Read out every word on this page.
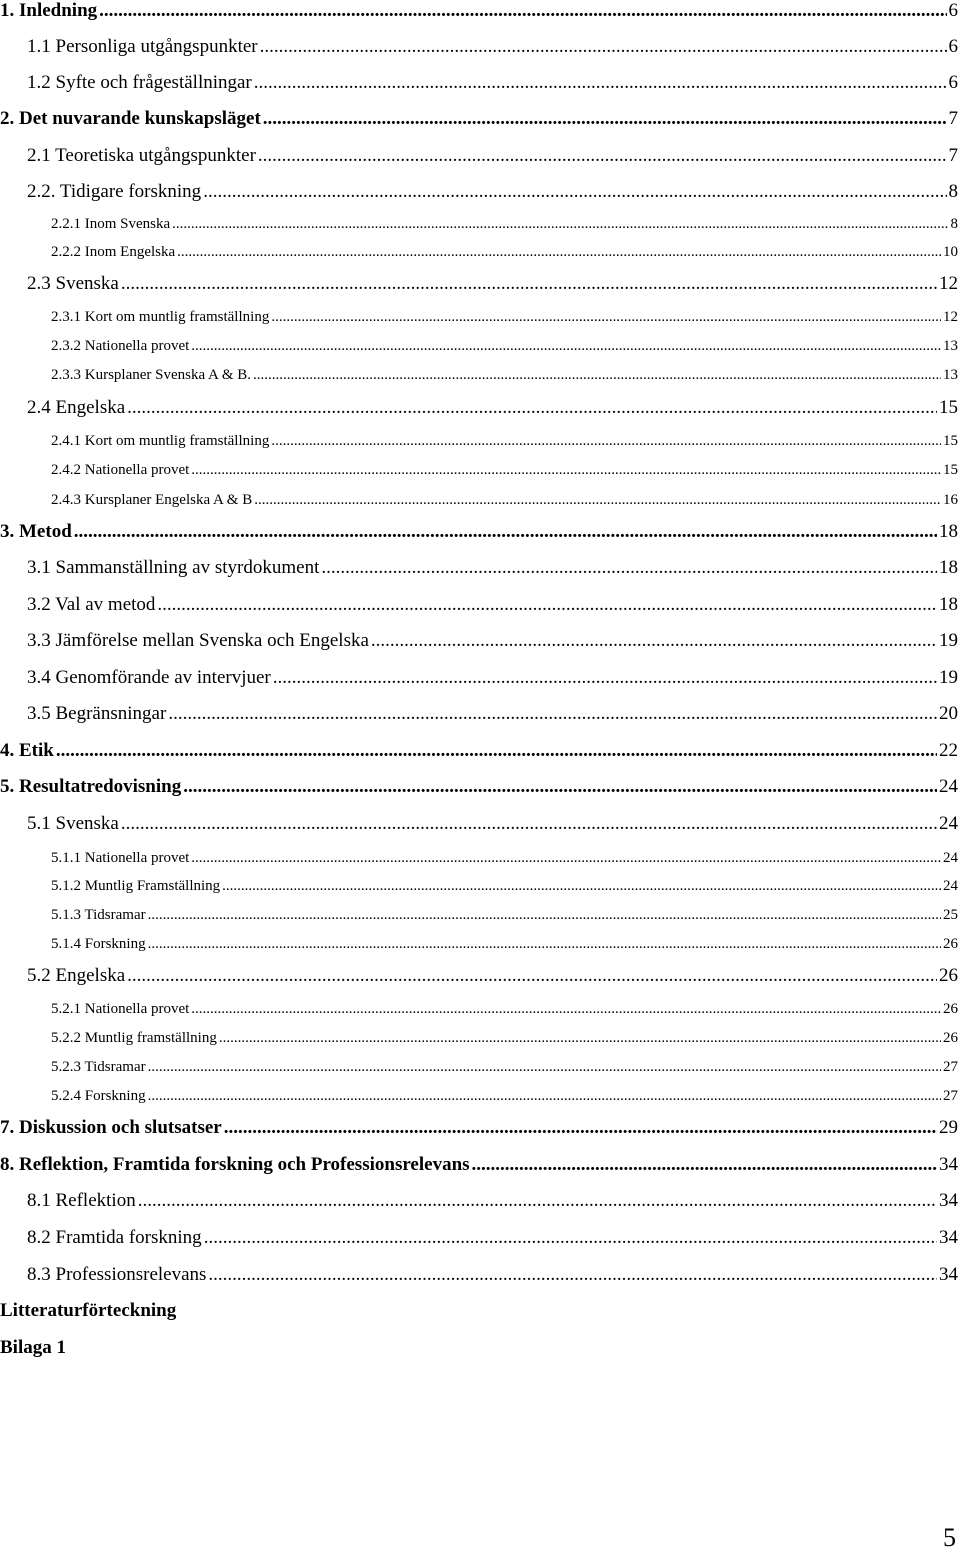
1. Inledning .....	6
1.1 Personliga utgångspunkter .....	6
1.2 Syfte och frågeställningar .....	6
2. Det nuvarande kunskapsläget .....	7
2.1 Teoretiska utgångspunkter .....	7
2.2. Tidigare forskning .....	8
2.2.1 Inom Svenska .....	8
2.2.2 Inom Engelska .....	10
2.3 Svenska .....	12
2.3.1 Kort om muntlig framställning .....	12
2.3.2 Nationella provet .....	13
2.3.3 Kursplaner Svenska A & B. .....	13
2.4 Engelska .....	15
2.4.1 Kort om muntlig framställning .....	15
2.4.2 Nationella provet .....	15
2.4.3 Kursplaner Engelska A & B .....	16
3. Metod .....	18
3.1 Sammanställning av styrdokument .....	18
3.2 Val av metod .....	18
3.3 Jämförelse mellan Svenska och Engelska .....	19
3.4 Genomförande av intervjuer .....	19
3.5 Begränsningar .....	20
4. Etik .....	22
5. Resultatredovisning .....	24
5.1 Svenska .....	24
5.1.1 Nationella provet .....	24
5.1.2 Muntlig Framställning .....	24
5.1.3 Tidsramar .....	25
5.1.4 Forskning .....	26
5.2 Engelska .....	26
5.2.1 Nationella provet .....	26
5.2.2 Muntlig framställning .....	26
5.2.3 Tidsramar .....	27
5.2.4 Forskning .....	27
7. Diskussion och slutsatser .....	29
8. Reflektion, Framtida forskning och Professionsrelevans .....	34
8.1 Reflektion .....	34
8.2 Framtida forskning .....	34
8.3 Professionsrelevans .....	34
Litteraturförteckning
Bilaga 1
5
